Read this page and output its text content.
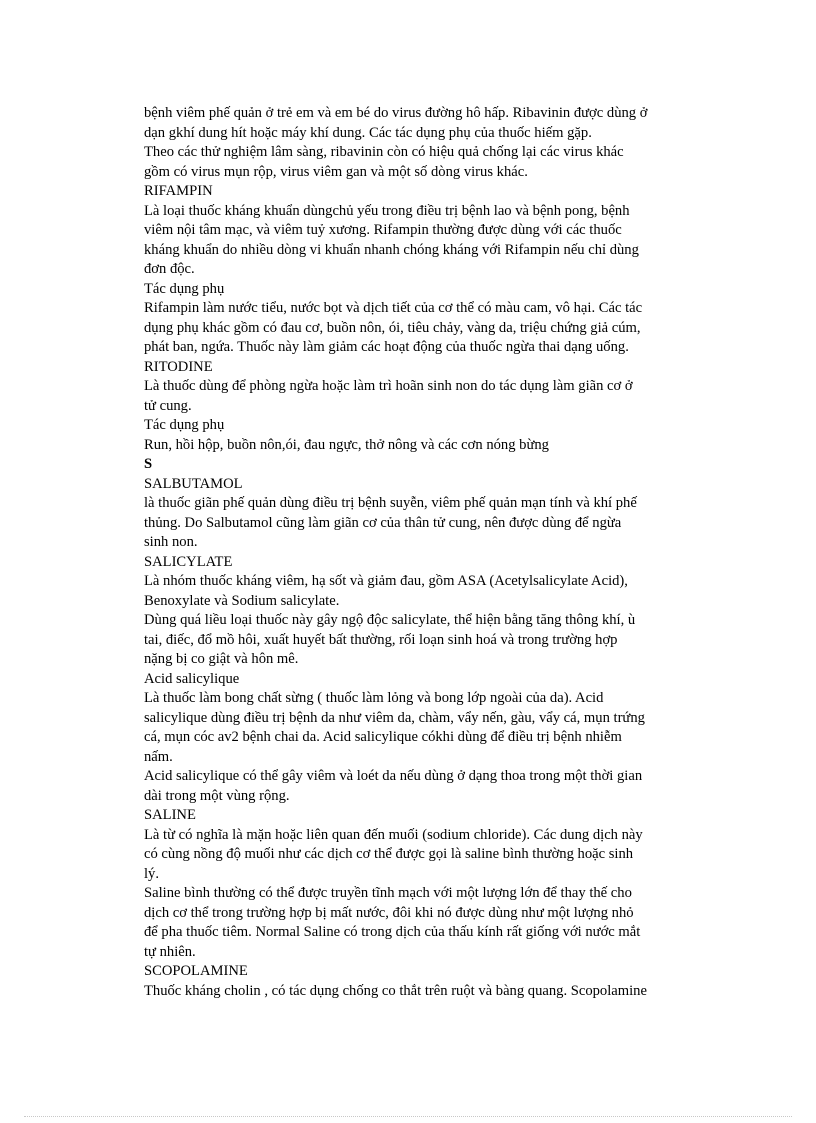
bệnh viêm phế quản ở trẻ em và em bé do virus đường hô hấp. Ribavinin được dùng ở
dạn gkhí dung hít hoặc máy khí dung. Các tác dụng phụ của thuốc hiếm gặp.
Theo các thử nghiệm lâm sàng, ribavinin còn có hiệu quả chống lại các virus khác
gồm có virus mụn rộp, virus viêm gan và một số dòng virus khác.
RIFAMPIN
Là loại thuốc kháng khuẩn dùngchủ yếu trong điều trị bệnh lao và bệnh pong, bệnh
viêm nội tâm mạc, và viêm tuỷ xương. Rifampin thường được dùng với các thuốc
kháng khuẩn do nhiều dòng vi khuẩn nhanh chóng kháng với Rifampin nếu chỉ dùng
đơn độc.
Tác dụng phụ
Rifampin làm nước tiểu, nước bọt và dịch tiết của cơ thể có màu cam, vô hại. Các tác
dụng phụ khác gồm có đau cơ, buồn nôn, ói, tiêu chảy, vàng da, triệu chứng giả cúm,
phát ban, ngứa. Thuốc này làm giảm các hoạt động của thuốc ngừa thai dạng uống.
RITODINE
Là thuốc dùng để phòng ngừa hoặc làm trì hoãn sinh non do tác dụng làm giãn cơ ở
tử cung.
Tác dụng phụ
Run, hồi hộp, buồn nôn,ói, đau ngực, thở nông và các cơn nóng bừng
S
SALBUTAMOL
là thuốc giãn phế quản dùng điều trị bệnh suyễn, viêm phế quản mạn tính và khí phế
thủng. Do Salbutamol cũng làm giãn cơ của thân tử cung, nên được dùng để ngừa
sinh non.
SALICYLATE
Là nhóm thuốc kháng viêm, hạ sốt và giảm đau, gồm ASA (Acetylsalicylate Acid),
Benoxylate và Sodium salicylate.
Dùng quá liều loại thuốc này gây ngộ độc salicylate, thể hiện bằng tăng thông khí, ù
tai, điếc, đổ mồ hôi, xuất huyết bất thường, rối loạn sinh hoá và trong trường hợp
nặng bị co giật và hôn mê.
Acid salicylique
Là thuốc làm bong chất sừng ( thuốc làm lỏng và bong lớp ngoài của da). Acid
salicylique dùng điều trị bệnh da như viêm da, chàm, vẩy nến, gàu, vẩy cá, mụn trứng
cá, mụn cóc av2 bệnh chai da. Acid salicylique cókhi dùng để điều trị bệnh nhiễm
nấm.
Acid salicylique có thể gây viêm và loét da nếu dùng ở dạng thoa trong một thời gian
dài trong một vùng rộng.
SALINE
Là từ có nghĩa là mặn hoặc liên quan đến muối (sodium chloride). Các dung dịch này
có cùng nồng độ muối như các dịch cơ thể được gọi là saline bình thường hoặc sinh
lý.
Saline bình thường có thể được truyền tĩnh mạch với một lượng lớn để thay thế cho
dịch cơ thể trong trường hợp bị mất nước, đôi khi nó được dùng như một lượng nhỏ
để pha thuốc tiêm. Normal Saline có trong dịch của thấu kính rất giống với nước mắt
tự nhiên.
SCOPOLAMINE
Thuốc kháng cholin , có tác dụng chống co thắt trên ruột và bàng quang. Scopolamine
